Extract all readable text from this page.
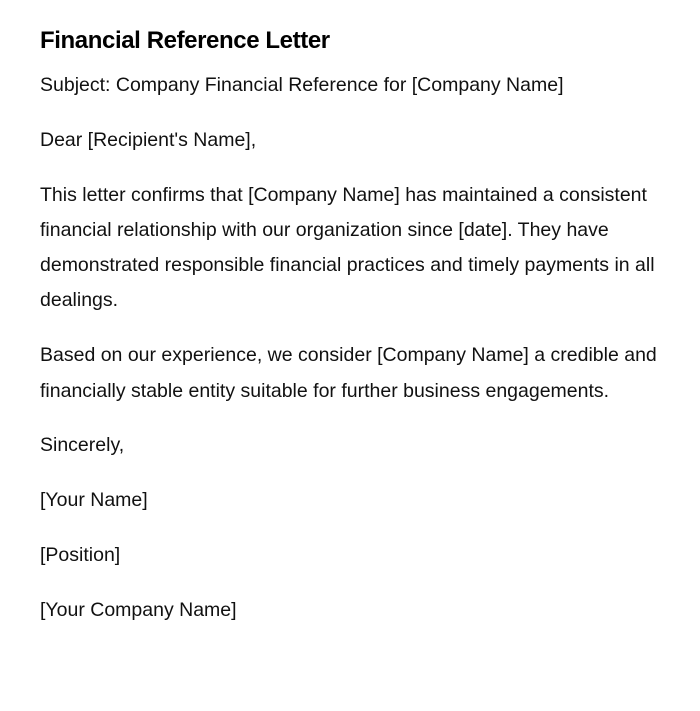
Financial Reference Letter

Subject: Company Financial Reference for [Company Name]

Dear [Recipient's Name],

This letter confirms that [Company Name] has maintained a consistent financial relationship with our organization since [date]. They have demonstrated responsible financial practices and timely payments in all dealings.

Based on our experience, we consider [Company Name] a credible and financially stable entity suitable for further business engagements.

Sincerely,

[Your Name]

[Position]

[Your Company Name]
